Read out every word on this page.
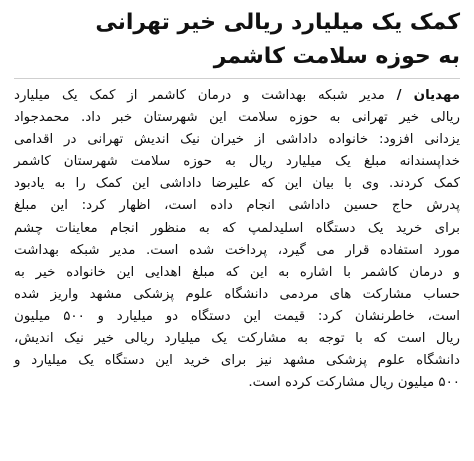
کمک یک میلیارد ریالی خیر تهرانی
به حوزه سلامت کاشمر
مهدیان / مدیر شبکه بهداشت و درمان کاشمر از کمک یک میلیارد
ریالی خیر تهرانی به حوزه سلامت این شهرستان خبر داد. محمدجواد
یزدانی افزود: خانواده داداشی از خیران نیک اندیش تهرانی در اقدامی
خداپسندانه مبلغ یک میلیارد ریال به حوزه سلامت شهرستان کاشمر
کمک کردند. وی با بیان این که علیرضا داداشی این کمک را به یادبود
پدرش حاج حسین داداشی انجام داده است، اظهار کرد: این مبلغ
برای خرید یک دستگاه اسلیدلمپ که به منظور انجام معاینات چشم
مورد استفاده قرار می گیرد، پرداخت شده است. مدیر شبکه بهداشت
و درمان کاشمر با اشاره به این که مبلغ اهدایی این خانواده خیر به
حساب مشارکت های مردمی دانشگاه علوم پزشکی مشهد واریز شده
است، خاطرنشان کرد: قیمت این دستگاه دو میلیارد و ۵۰۰ میلیون
ریال است که با توجه به مشارکت یک میلیارد ریالی خیر نیک اندیش،
دانشگاه علوم پزشکی مشهد نیز برای خرید این دستگاه یک میلیارد و
۵۰۰ میلیون ریال مشارکت کرده است.
